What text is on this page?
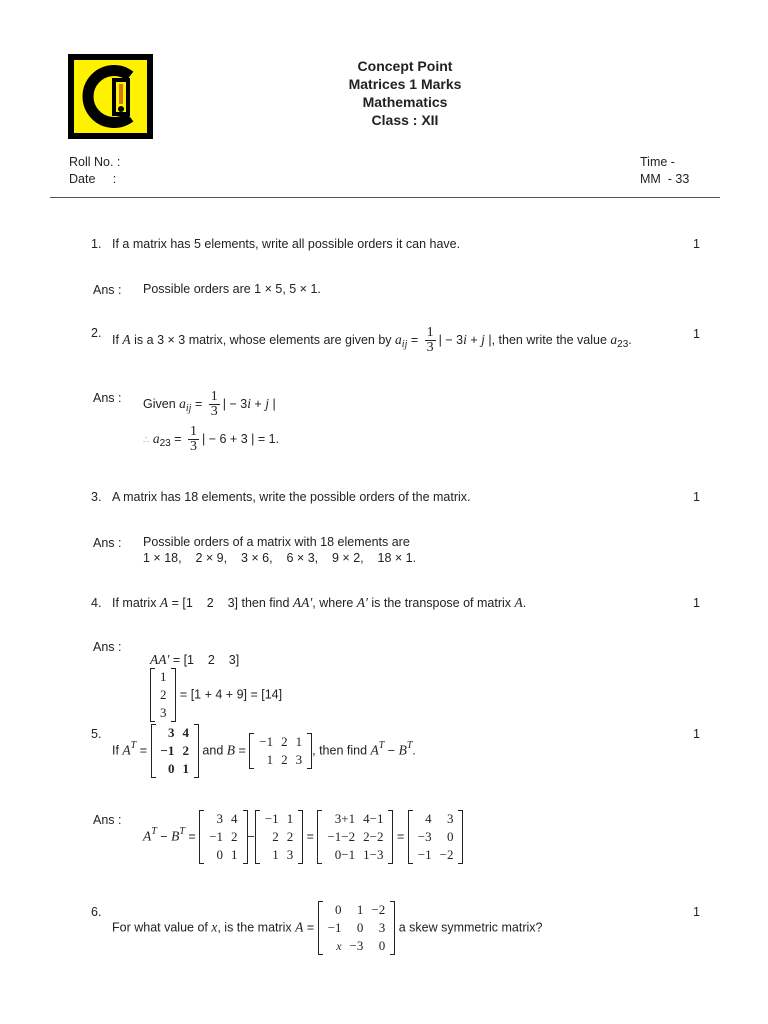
Concept Point
Matrices 1 Marks
Mathematics
Class : XII
Roll No. :
Date     :
Time -
MM  - 33
1. If a matrix has 5 elements, write all possible orders it can have.	1
Ans : Possible orders are 1 × 5, 5 × 1.
2. If A is a 3 × 3 matrix, whose elements are given by $a_{ij} = \frac{1}{3}$ | − 3i + j |, then write the value $a_{23}$.	1
Ans : Given $a_{ij} = \frac{1}{3}$ | − 3i + j |
∴ $a_{23} = \frac{1}{3}$ | − 6 + 3 | = 1.
3. A matrix has 18 elements, write the possible orders of the matrix.	1
Ans : Possible orders of a matrix with 18 elements are
1 × 18,    2 × 9,    3 × 6,    6 × 3,    9 × 2,    18 × 1.
4. If matrix A = [1    2    3] then find AA', where A' is the transpose of matrix A.	1
Ans :

AA' = [1    2    3]

1
2
3
= [1 + 4 + 9] = [14]

5.
If $A^T$ =
3	4
−1	2
0	1
and B =
−1	2	1
1	2	3
, then find $A^T - B^T$.
1
Ans :
$A^T - B^T$ =
3	4
−1	2
0	1
−
−1	1
2	2
1	3
=
3+1	4−1
−1−2	2−2
0−1	1−3
=
4	3
−3	0
−1	−2
6.
For what value of x, is the matrix A =
0	1	−2
−1	0	3
x	−3	0
a skew symmetric matrix?
1
